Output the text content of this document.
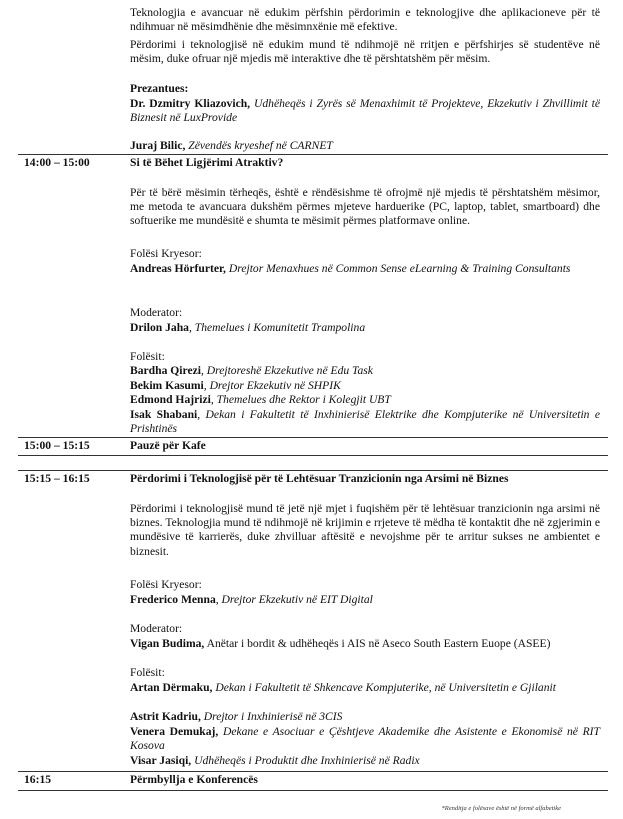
Teknologjia e avancuar në edukim përfshin përdorimin e teknologjive dhe aplikacioneve për të ndihmuar në mësimdhënie dhe mësimnxënie më efektive.
Përdorimi i teknologjisë në edukim mund të ndihmojë në rritjen e përfshirjes së studentëve në mësim, duke ofruar një mjedis më interaktive dhe të përshtatshëm për mësim.
Prezantues:
Dr. Dzmitry Kliazovich, Udhëheqës i Zyrës së Menaxhimit të Projekteve, Ekzekutiv i Zhvillimit të Biznesit në LuxProvide
Juraj Bilic, Zëvendës kryeshef në CARNET
14:00 – 15:00	Si të Bëhet Ligjërimi Atraktiv?
Për të bërë mësimin tërheqës, është e rëndësishme të ofrojmë një mjedis të përshtatshëm mësimor, me metoda te avancuara dukshëm përmes mjeteve harduerike (PC, laptop, tablet, smartboard) dhe softuerike me mundësitë e shumta te mësimit përmes platformave online.
Folësi Kryesor:
Andreas Hörfurter, Drejtor Menaxhues në Common Sense eLearning & Training Consultants
Moderator:
Drilon Jaha, Themelues i Komunitetit Trampolina
Folësit:
Bardha Qirezi, Drejtoreshë Ekzekutive në Edu Task
Bekim Kasumi, Drejtor Ekzekutiv në SHPIK
Edmond Hajrizi, Themelues dhe Rektor i Kolegjit UBT
Isak Shabani, Dekan i Fakultetit të Inxhinierisë Elektrike dhe Kompjuterike në Universitetin e Prishtinës
15:00 – 15:15	Pauzë për Kafe
15:15 – 16:15	Përdorimi i Teknologjisë për të Lehtësuar Tranzicionin nga Arsimi në Biznes
Përdorimi i teknologjisë mund të jetë një mjet i fuqishëm për të lehtësuar tranzicionin nga arsimi në biznes. Teknologjia mund të ndihmojë në krijimin e rrjeteve të mëdha të kontaktit dhe në zgjerimin e mundësive të karrierës, duke zhvilluar aftësitë e nevojshme për te arritur sukses ne ambientet e biznesit.
Folësi Kryesor:
Frederico Menna, Drejtor Ekzekutiv në EIT Digital
Moderator:
Vigan Budima, Anëtar i bordit & udhëheqës i AIS në Aseco South Eastern Euope (ASEE)
Folësit:
Artan Dërmaku, Dekan i Fakultetit të Shkencave Kompjuterike, në Universitetin e Gjilanit
Astrit Kadriu, Drejtor i Inxhinierisë në 3CIS
Venera Demukaj, Dekane e Asociuar e Çështjeve Akademike dhe Asistente e Ekonomisë në RIT Kosova
Visar Jasiqi, Udhëheqës i Produktit dhe Inxhinierisë në Radix
16:15	Përmbyllja e Konferencës
*Renditja e folësave është në formë alfabetike
